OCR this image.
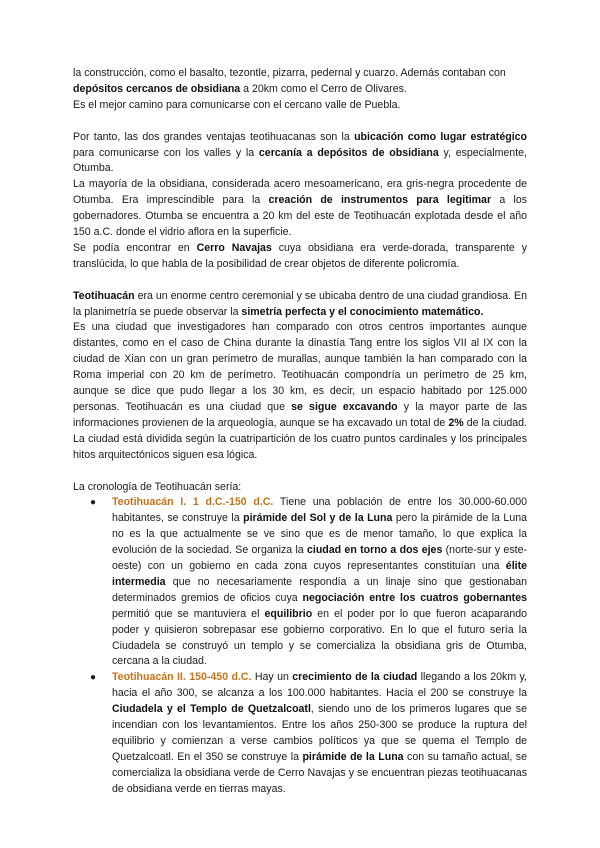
la construcción, como el basalto, tezontle, pizarra, pedernal y cuarzo. Además contaban con
depósitos cercanos de obsidiana a 20km como el Cerro de Olivares.
Es el mejor camino para comunicarse con el cercano valle de Puebla.

Por tanto, las dos grandes ventajas teotihuacanas son la ubicación como lugar estratégico para comunicarse con los valles y la cercanía a depósitos de obsidiana y, especialmente, Otumba.

La mayoría de la obsidiana, considerada acero mesoamericano, era gris-negra procedente de Otumba. Era imprescindible para la creación de instrumentos para legitimar a los gobernadores. Otumba se encuentra a 20 km del este de Teotihuacán explotada desde el año 150 a.C. donde el vidrio aflora en la superficie.

Se podía encontrar en Cerro Navajas cuya obsidiana era verde-dorada, transparente y translúcida, lo que habla de la posibilidad de crear objetos de diferente policromía.

Teotihuacán era un enorme centro ceremonial y se ubicaba dentro de una ciudad grandiosa. En la planimetría se puede observar la simetría perfecta y el conocimiento matemático.

Es una ciudad que investigadores han comparado con otros centros importantes aunque distantes, como en el caso de China durante la dinastía Tang entre los siglos VII al IX con la ciudad de Xian con un gran perímetro de murallas, aunque también la han comparado con la Roma imperial con 20 km de perímetro. Teotihuacán compondría un perímetro de 25 km, aunque se dice que pudo llegar a los 30 km, es decir, un espacio habitado por 125.000 personas. Teotihuacán es una ciudad que se sigue excavando y la mayor parte de las informaciones provienen de la arqueología, aunque se ha excavado un total de 2% de la ciudad. La ciudad está dividida según la cuatripartición de los cuatro puntos cardinales y los principales hitos arquitectónicos siguen esa lógica.

La cronología de Teotihuacán sería:

● Teotihuacán I. 1 d.C.-150 d.C. Tiene una población de entre los 30.000-60.000 habitantes, se construye la pirámide del Sol y de la Luna pero la pirámide de la Luna no es la que actualmente se ve sino que es de menor tamaño, lo que explica la evolución de la sociedad. Se organiza la ciudad en torno a dos ejes (norte-sur y este-oeste) con un gobierno en cada zona cuyos representantes constituían una élite intermedia que no necesariamente respondía a un linaje sino que gestionaban determinados gremios de oficios cuya negociación entre los cuatros gobernantes permitió que se mantuviera el equilibrio en el poder por lo que fueron acaparando poder y quisieron sobrepasar ese gobierno corporativo. En lo que el futuro sería la Ciudadela se construyó un templo y se comercializa la obsidiana gris de Otumba, cercana a la ciudad.
● Teotihuacán II. 150-450 d.C. Hay un crecimiento de la ciudad llegando a los 20km y, hacia el año 300, se alcanza a los 100.000 habitantes. Hacia el 200 se construye la Ciudadela y el Templo de Quetzalcoatl, siendo uno de los primeros lugares que se incendian con los levantamientos. Entre los años 250-300 se produce la ruptura del equilibrio y comienzan a verse cambios políticos ya que se quema el Templo de Quetzalcoatl. En el 350 se construye la pirámide de la Luna con su tamaño actual, se comercializa la obsidiana verde de Cerro Navajas y se encuentran piezas teotihuacanas de obsidiana verde en tierras mayas.
